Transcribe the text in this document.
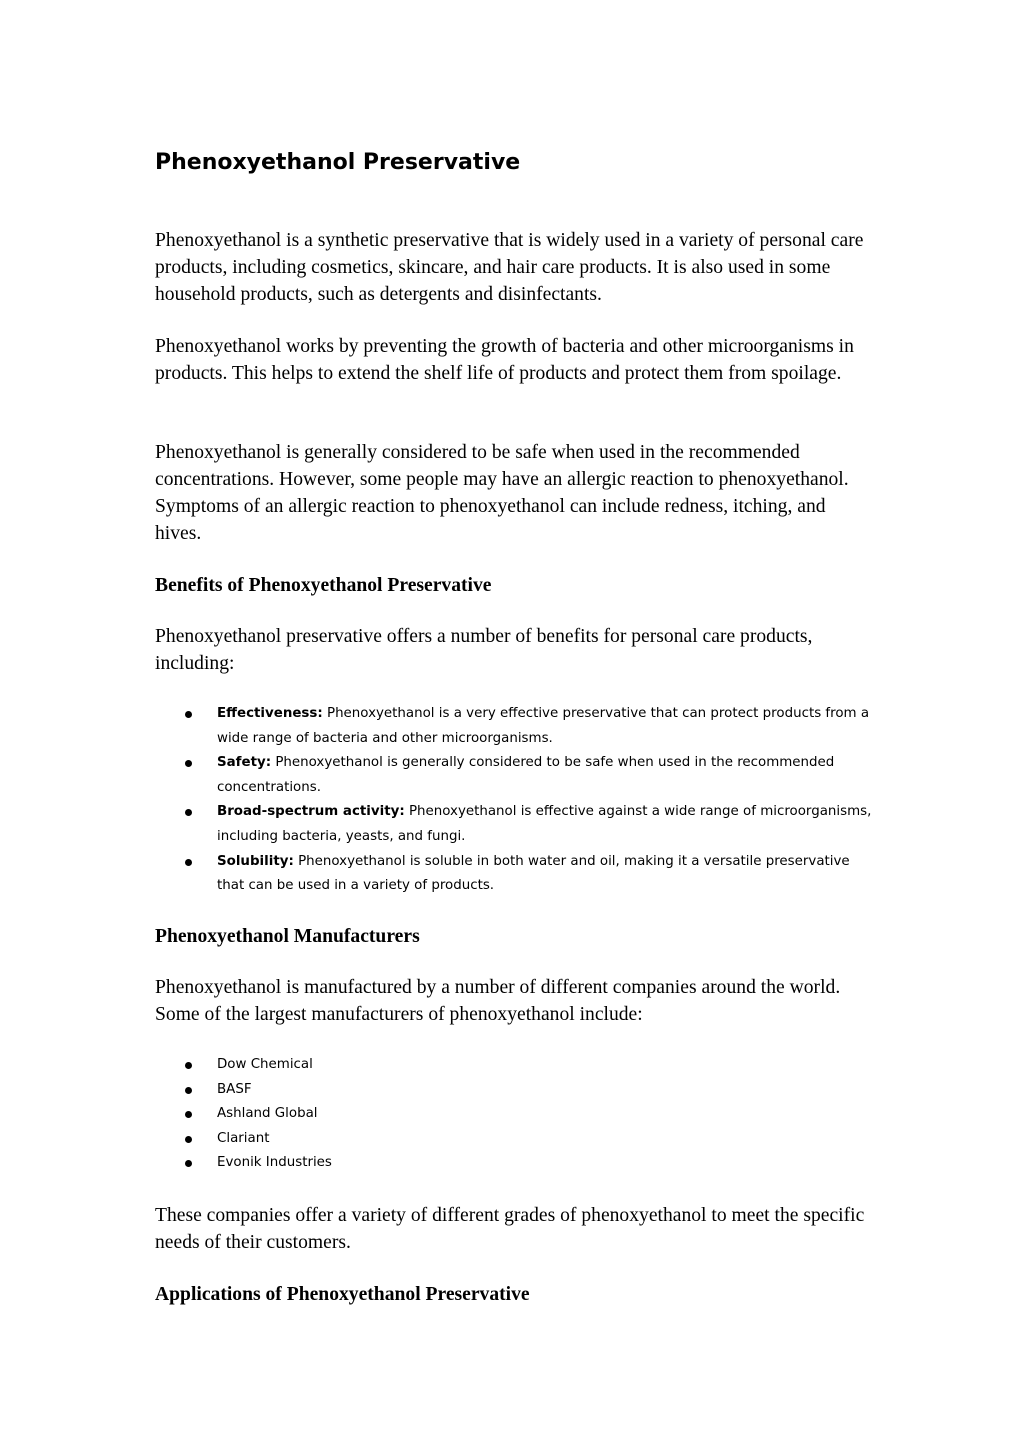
Phenoxyethanol Preservative

Phenoxyethanol is a synthetic preservative that is widely used in a variety of personal care products, including cosmetics, skincare, and hair care products. It is also used in some household products, such as detergents and disinfectants.

Phenoxyethanol works by preventing the growth of bacteria and other microorganisms in products. This helps to extend the shelf life of products and protect them from spoilage.

Phenoxyethanol is generally considered to be safe when used in the recommended concentrations. However, some people may have an allergic reaction to phenoxyethanol. Symptoms of an allergic reaction to phenoxyethanol can include redness, itching, and hives.

Benefits of Phenoxyethanol Preservative

Phenoxyethanol preservative offers a number of benefits for personal care products, including:

Effectiveness: Phenoxyethanol is a very effective preservative that can protect products from a wide range of bacteria and other microorganisms.
Safety: Phenoxyethanol is generally considered to be safe when used in the recommended concentrations.
Broad-spectrum activity: Phenoxyethanol is effective against a wide range of microorganisms, including bacteria, yeasts, and fungi.
Solubility: Phenoxyethanol is soluble in both water and oil, making it a versatile preservative that can be used in a variety of products.
Phenoxyethanol Manufacturers

Phenoxyethanol is manufactured by a number of different companies around the world. Some of the largest manufacturers of phenoxyethanol include:

Dow Chemical
BASF
Ashland Global
Clariant
Evonik Industries

These companies offer a variety of different grades of phenoxyethanol to meet the specific needs of their customers.

Applications of Phenoxyethanol Preservative
